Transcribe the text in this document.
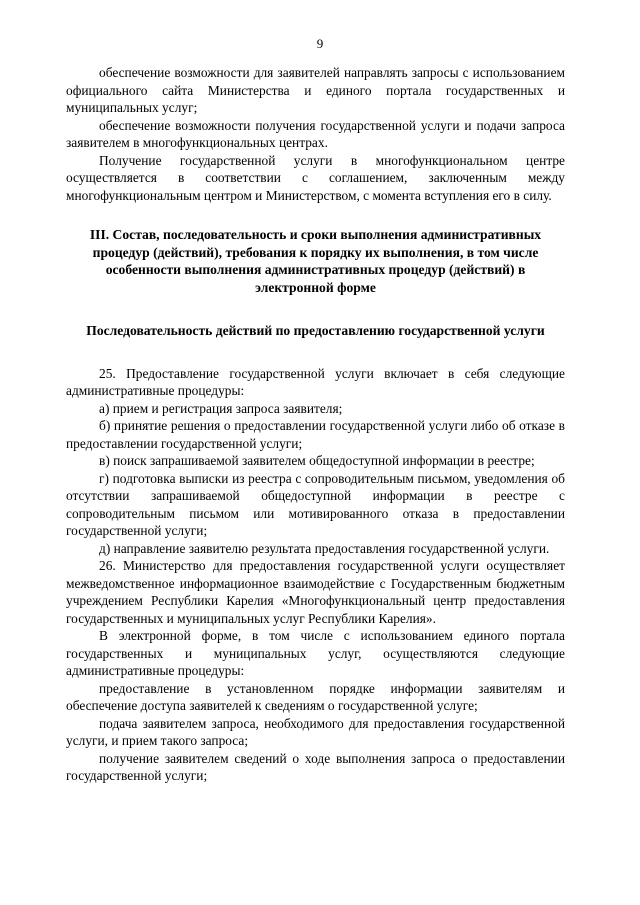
9

обеспечение возможности для заявителей направлять запросы с использованием официального сайта Министерства и единого портала государственных и муниципальных услуг;

обеспечение возможности получения государственной услуги и подачи запроса заявителем в многофункциональных центрах.

Получение государственной услуги в многофункциональном центре осуществляется в соответствии с соглашением, заключенным между многофункциональным центром и Министерством, с момента вступления его в силу.

III. Состав, последовательность и сроки выполнения административных процедур (действий), требования к порядку их выполнения, в том числе особенности выполнения административных процедур (действий) в электронной форме
Последовательность действий по предоставлению государственной услуги

25. Предоставление государственной услуги включает в себя следующие административные процедуры:

а) прием и регистрация запроса заявителя;

б) принятие решения о предоставлении государственной услуги либо об отказе в предоставлении государственной услуги;

в) поиск запрашиваемой заявителем общедоступной информации в реестре;

г) подготовка выписки из реестра с сопроводительным письмом, уведомления об отсутствии запрашиваемой общедоступной информации в реестре с сопроводительным письмом или мотивированного отказа в предоставлении государственной услуги;

д) направление заявителю результата предоставления государственной услуги.

26. Министерство для предоставления государственной услуги осуществляет межведомственное информационное взаимодействие с Государственным бюджетным учреждением Республики Карелия «Многофункциональный центр предоставления государственных и муниципальных услуг Республики Карелия».

В электронной форме, в том числе с использованием единого портала государственных и муниципальных услуг, осуществляются следующие административные процедуры:

предоставление в установленном порядке информации заявителям и обеспечение доступа заявителей к сведениям о государственной услуге;

подача заявителем запроса, необходимого для предоставления государственной услуги, и прием такого запроса;

получение заявителем сведений о ходе выполнения запроса о предоставлении государственной услуги;
